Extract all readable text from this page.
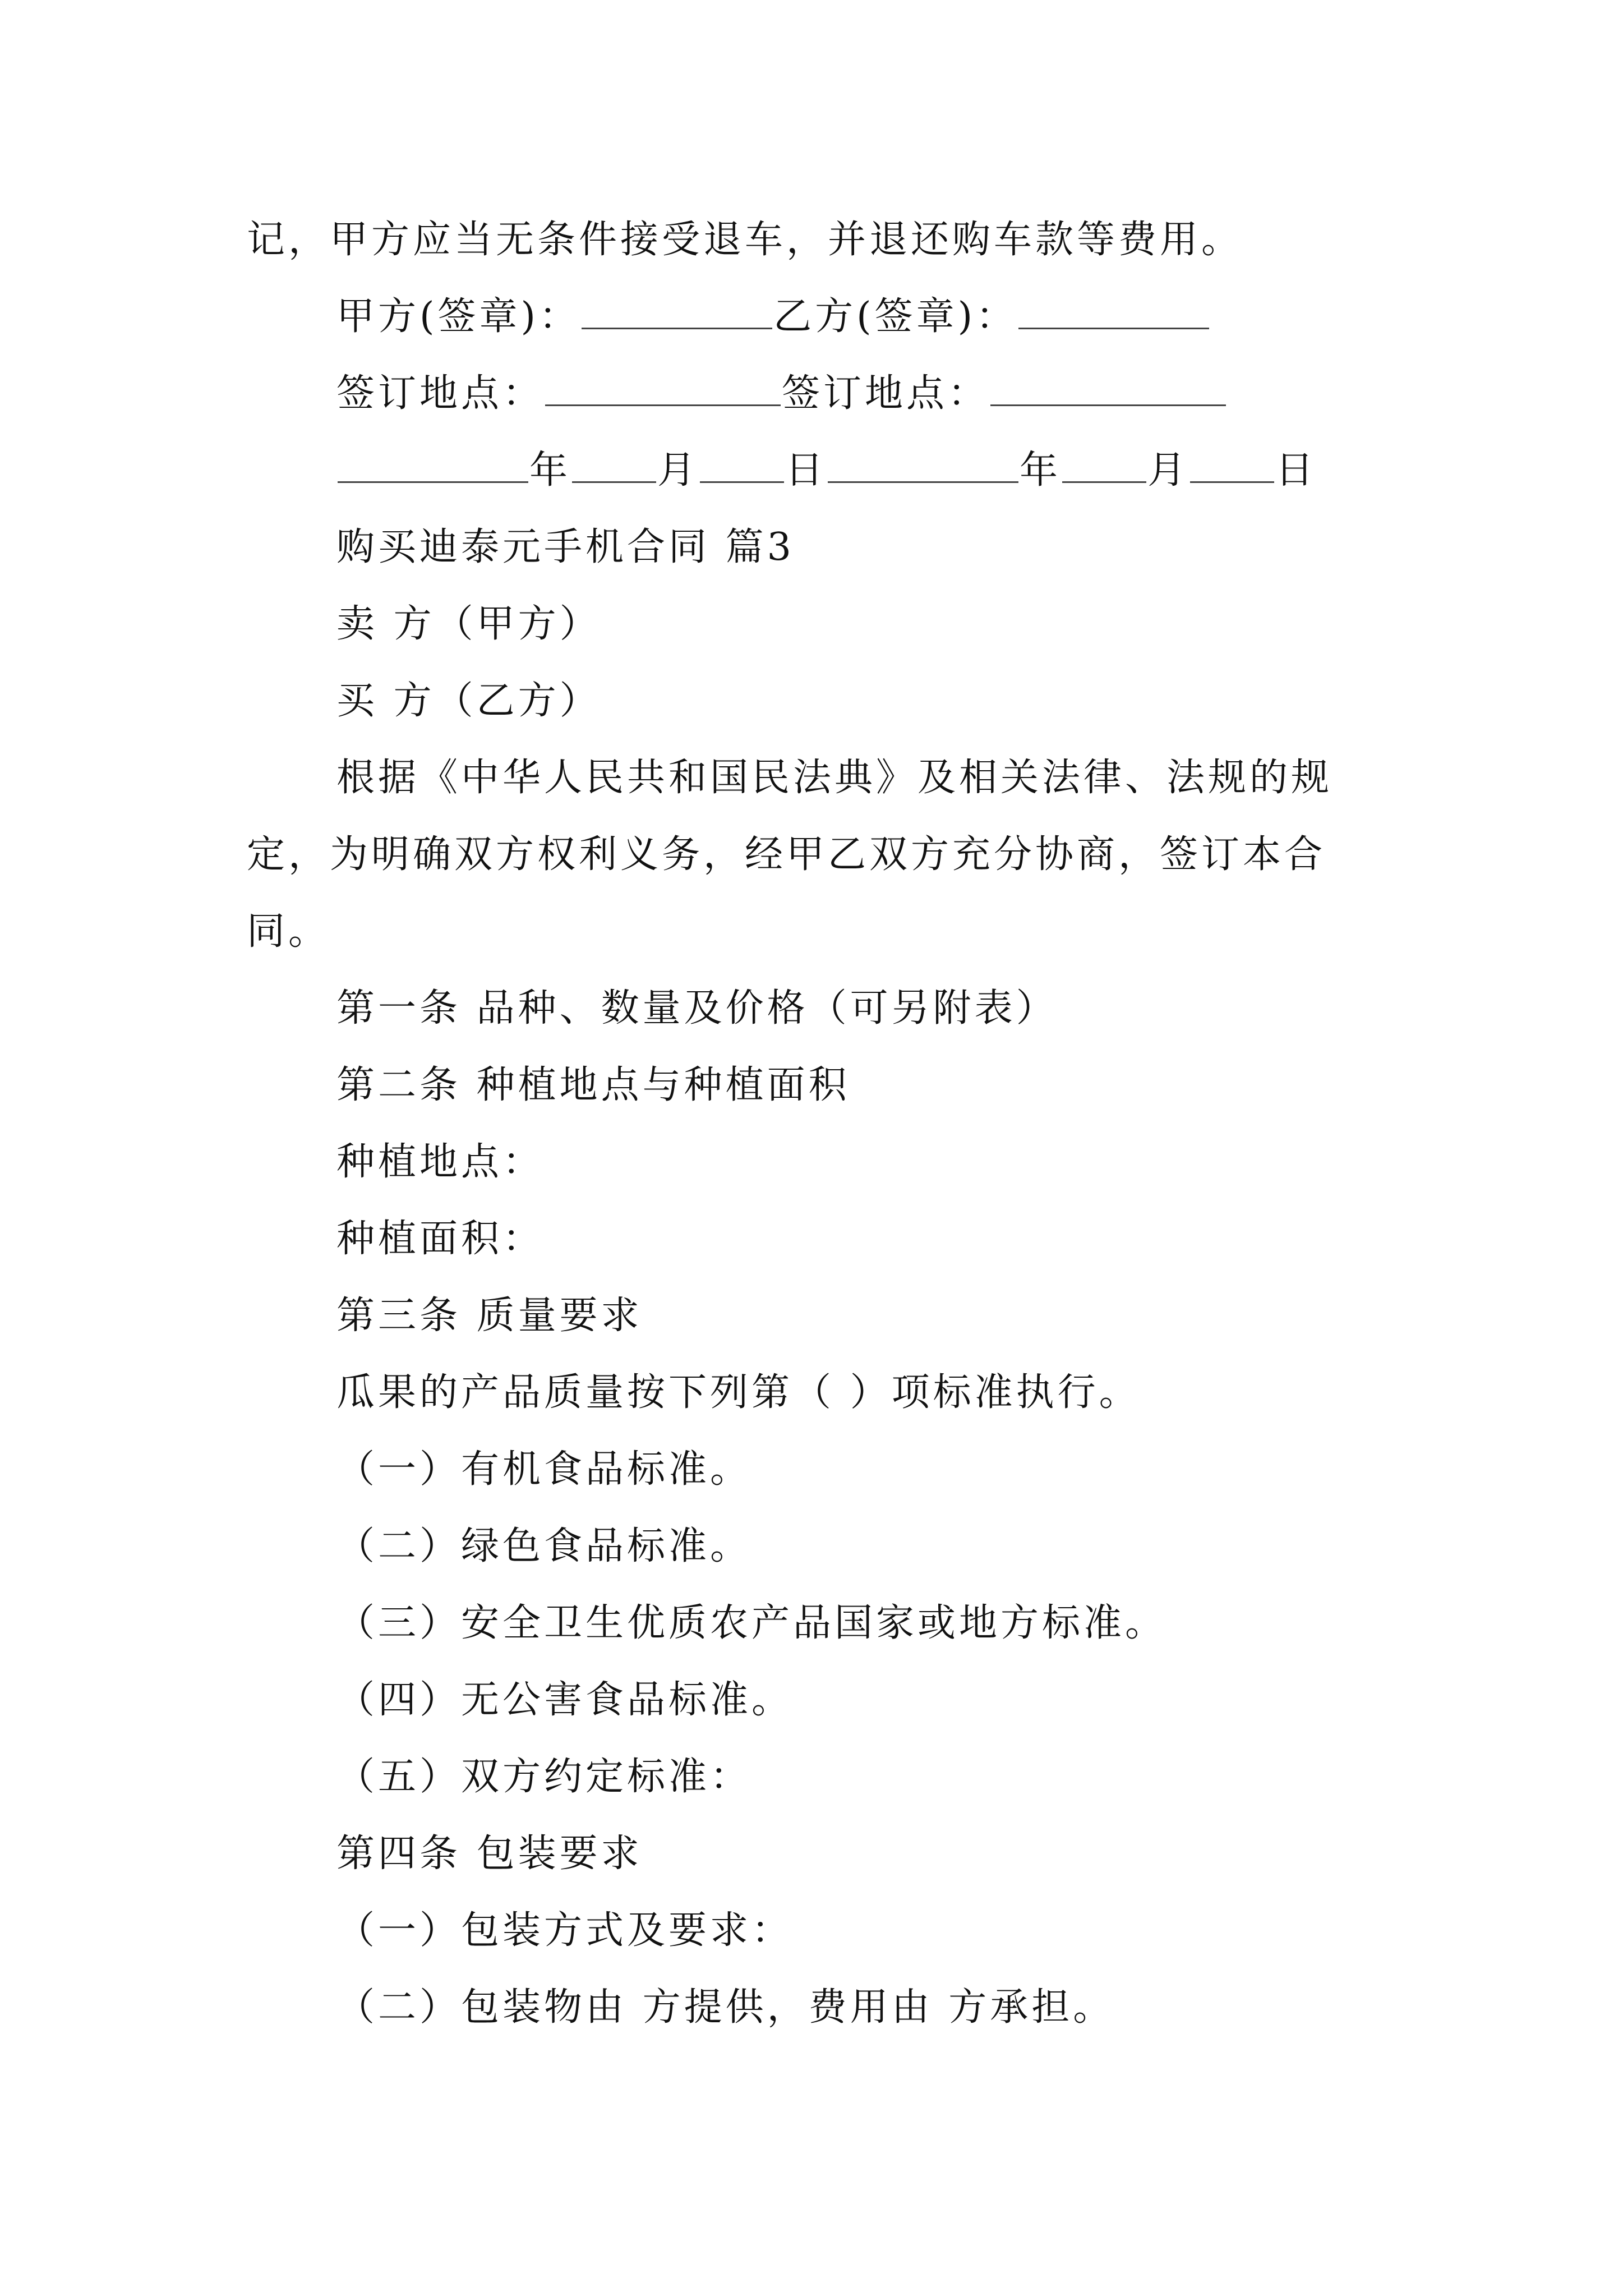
记，甲方应当无条件接受退车，并退还购车款等费用。
甲方(签章)：	乙方(签章)：
签订地点：	签订地点：
年 月 日	年 月 日
购买迪泰元手机合同 篇3
卖 方（甲方）
买 方（乙方）
根据《中华人民共和国民法典》及相关法律、法规的规
定，为明确双方权利义务，经甲乙双方充分协商，签订本合
同。
第一条 品种、数量及价格（可另附表）
第二条 种植地点与种植面积
种植地点：
种植面积：
第三条 质量要求
瓜果的产品质量按下列第（ ）项标准执行。
（一）有机食品标准。
（二）绿色食品标准。
（三）安全卫生优质农产品国家或地方标准。
（四）无公害食品标准。
（五）双方约定标准：
第四条 包装要求
（一）包装方式及要求：
（二）包装物由 方提供，费用由 方承担。
